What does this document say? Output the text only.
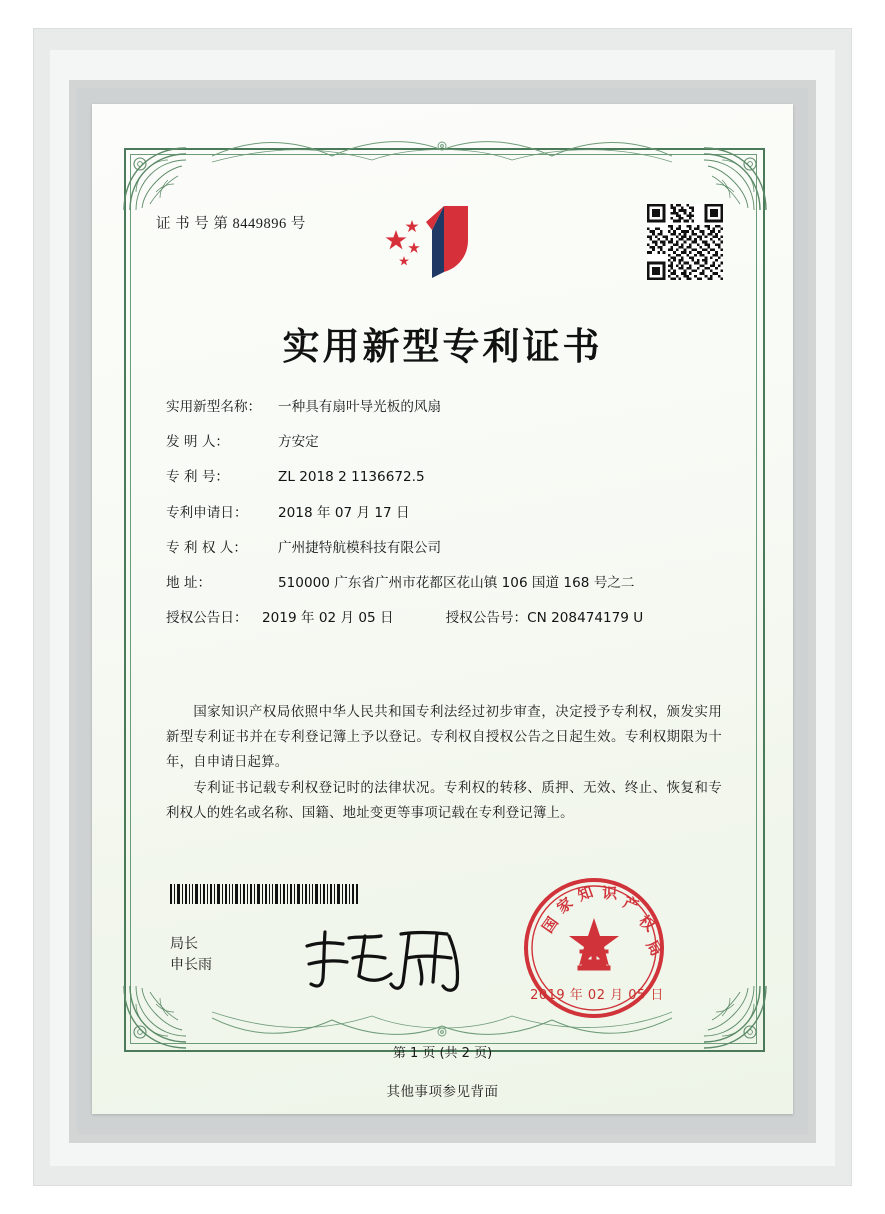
证 书 号 第 8449896 号
实用新型专利证书
实用新型名称：	一种具有扇叶导光板的风扇
发 明 人：	方安定
专 利 号：	ZL 2018 2 1136672.5
专利申请日：	2018 年 07 月 17 日
专 利 权 人：	广州捷特航模科技有限公司
地 址：	510000 广东省广州市花都区花山镇 106 国道 168 号之二
授权公告日：	2019 年 02 月 05 日	授权公告号： CN 208474179 U
国家知识产权局依照中华人民共和国专利法经过初步审查，决定授予专利权，颁发实用新型专利证书并在专利登记簿上予以登记。专利权自授权公告之日起生效。专利权期限为十年，自申请日起算。
专利证书记载专利权登记时的法律状况。专利权的转移、质押、无效、终止、恢复和专利权人的姓名或名称、国籍、地址变更等事项记载在专利登记簿上。
局长
申长雨
国
家
知 识 产
权
局
2019 年 02 月 05 日
第 1 页 (共 2 页)
其他事项参见背面
